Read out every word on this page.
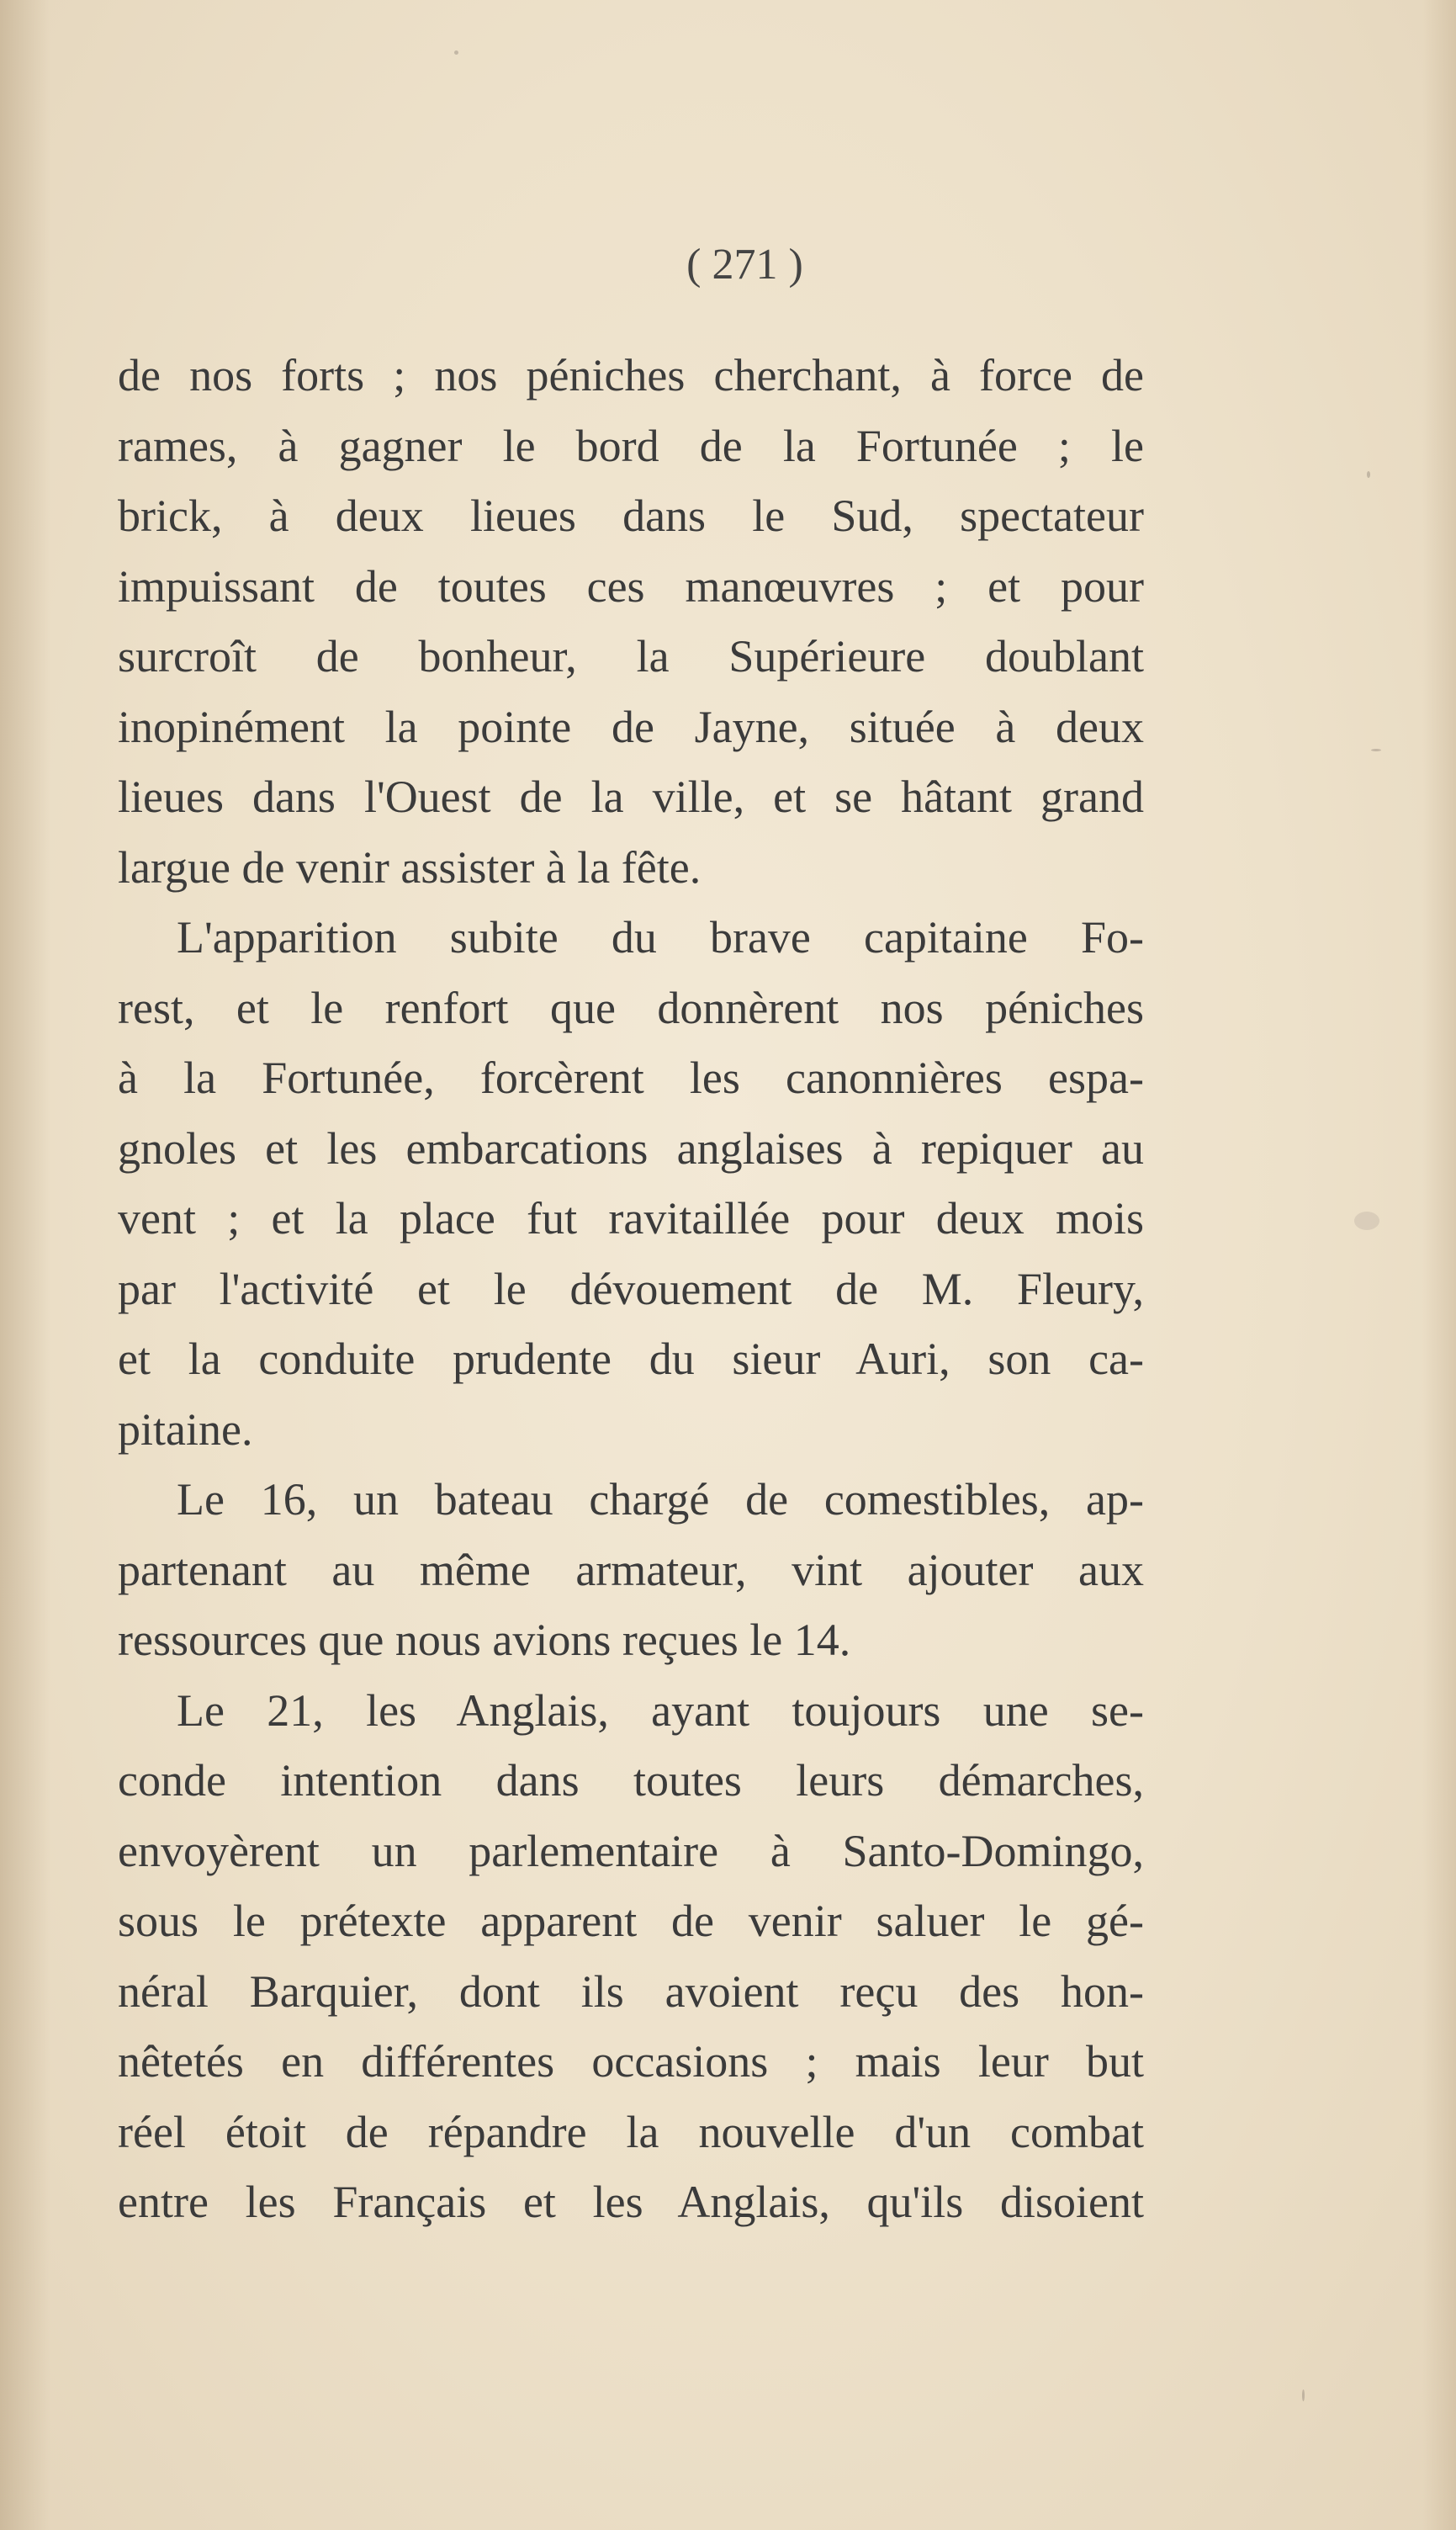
( 271 )
de nos forts ; nos péniches cherchant, à force de
rames, à gagner le bord de la Fortunée ; le
brick, à deux lieues dans le Sud, spectateur
impuissant de toutes ces manœuvres ; et pour
surcroît de bonheur, la Supérieure doublant
inopinément la pointe de Jayne, située à deux
lieues dans l'Ouest de la ville, et se hâtant grand
largue de venir assister à la fête.
L'apparition subite du brave capitaine Fo-
rest, et le renfort que donnèrent nos péniches
à la Fortunée, forcèrent les canonnières espa-
gnoles et les embarcations anglaises à repiquer au
vent ; et la place fut ravitaillée pour deux mois
par l'activité et le dévouement de M. Fleury,
et la conduite prudente du sieur Auri, son ca-
pitaine.
Le 16, un bateau chargé de comestibles, ap-
partenant au même armateur, vint ajouter aux
ressources que nous avions reçues le 14.
Le 21, les Anglais, ayant toujours une se-
conde intention dans toutes leurs démarches,
envoyèrent un parlementaire à Santo-Domingo,
sous le prétexte apparent de venir saluer le gé-
néral Barquier, dont ils avoient reçu des hon-
nêtetés en différentes occasions ; mais leur but
réel étoit de répandre la nouvelle d'un combat
entre les Français et les Anglais, qu'ils disoient
